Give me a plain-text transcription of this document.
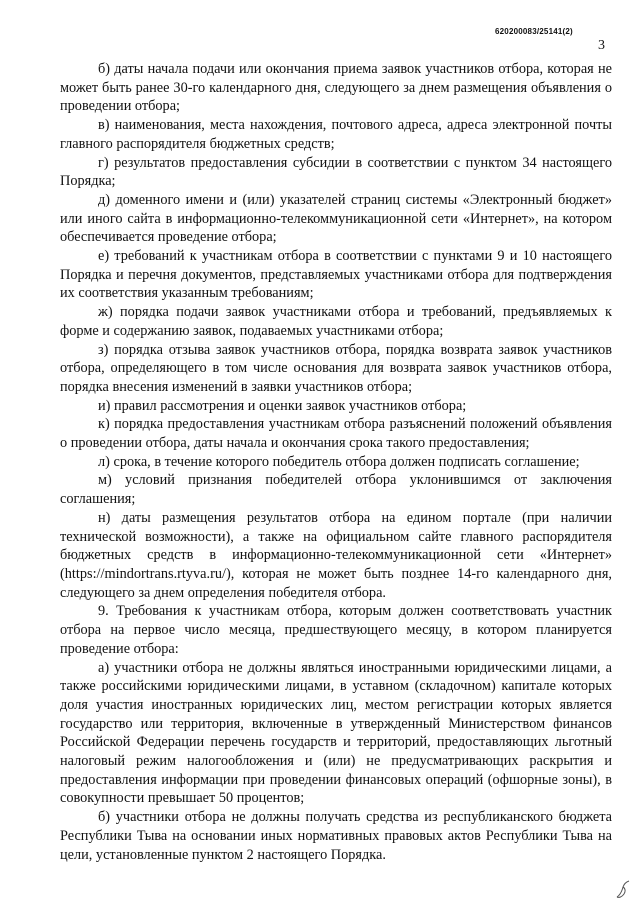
620200083/25141(2)
3

б) даты начала подачи или окончания приема заявок участников отбора, которая не может быть ранее 30-го календарного дня, следующего за днем размещения объявления о проведении отбора;

в) наименования, места нахождения, почтового адреса, адреса электронной почты главного распорядителя бюджетных средств;

г) результатов предоставления субсидии в соответствии с пунктом 34 настоящего Порядка;

д) доменного имени и (или) указателей страниц системы «Электронный бюджет» или иного сайта в информационно-телекоммуникационной сети «Интернет», на котором обеспечивается проведение отбора;

е) требований к участникам отбора в соответствии с пунктами 9 и 10 настоящего Порядка и перечня документов, представляемых участниками отбора для подтверждения их соответствия указанным требованиям;

ж) порядка подачи заявок участниками отбора и требований, предъявляемых к форме и содержанию заявок, подаваемых участниками отбора;

з) порядка отзыва заявок участников отбора, порядка возврата заявок участников отбора, определяющего в том числе основания для возврата заявок участников отбора, порядка внесения изменений в заявки участников отбора;

и) правил рассмотрения и оценки заявок участников отбора;

к) порядка предоставления участникам отбора разъяснений положений объявления о проведении отбора, даты начала и окончания срока такого предоставления;

л) срока, в течение которого победитель отбора должен подписать соглашение;

м) условий признания победителей отбора уклонившимся от заключения соглашения;

н) даты размещения результатов отбора на едином портале (при наличии технической возможности), а также на официальном сайте главного распорядителя бюджетных средств в информационно-телекоммуникационной сети «Интернет» (https://mindortrans.rtyva.ru/), которая не может быть позднее 14-го календарного дня, следующего за днем определения победителя отбора.

9. Требования к участникам отбора, которым должен соответствовать участник отбора на первое число месяца, предшествующего месяцу, в котором планируется проведение отбора:

а) участники отбора не должны являться иностранными юридическими лицами, а также российскими юридическими лицами, в уставном (складочном) капитале которых доля участия иностранных юридических лиц, местом регистрации которых является государство или территория, включенные в утвержденный Министерством финансов Российской Федерации перечень государств и территорий, предоставляющих льготный налоговый режим налогообложения и (или) не предусматривающих раскрытия и предоставления информации при проведении финансовых операций (офшорные зоны), в совокупности превышает 50 процентов;

б) участники отбора не должны получать средства из республиканского бюджета Республики Тыва на основании иных нормативных правовых актов Республики Тыва на цели, установленные пунктом 2 настоящего Порядка.
